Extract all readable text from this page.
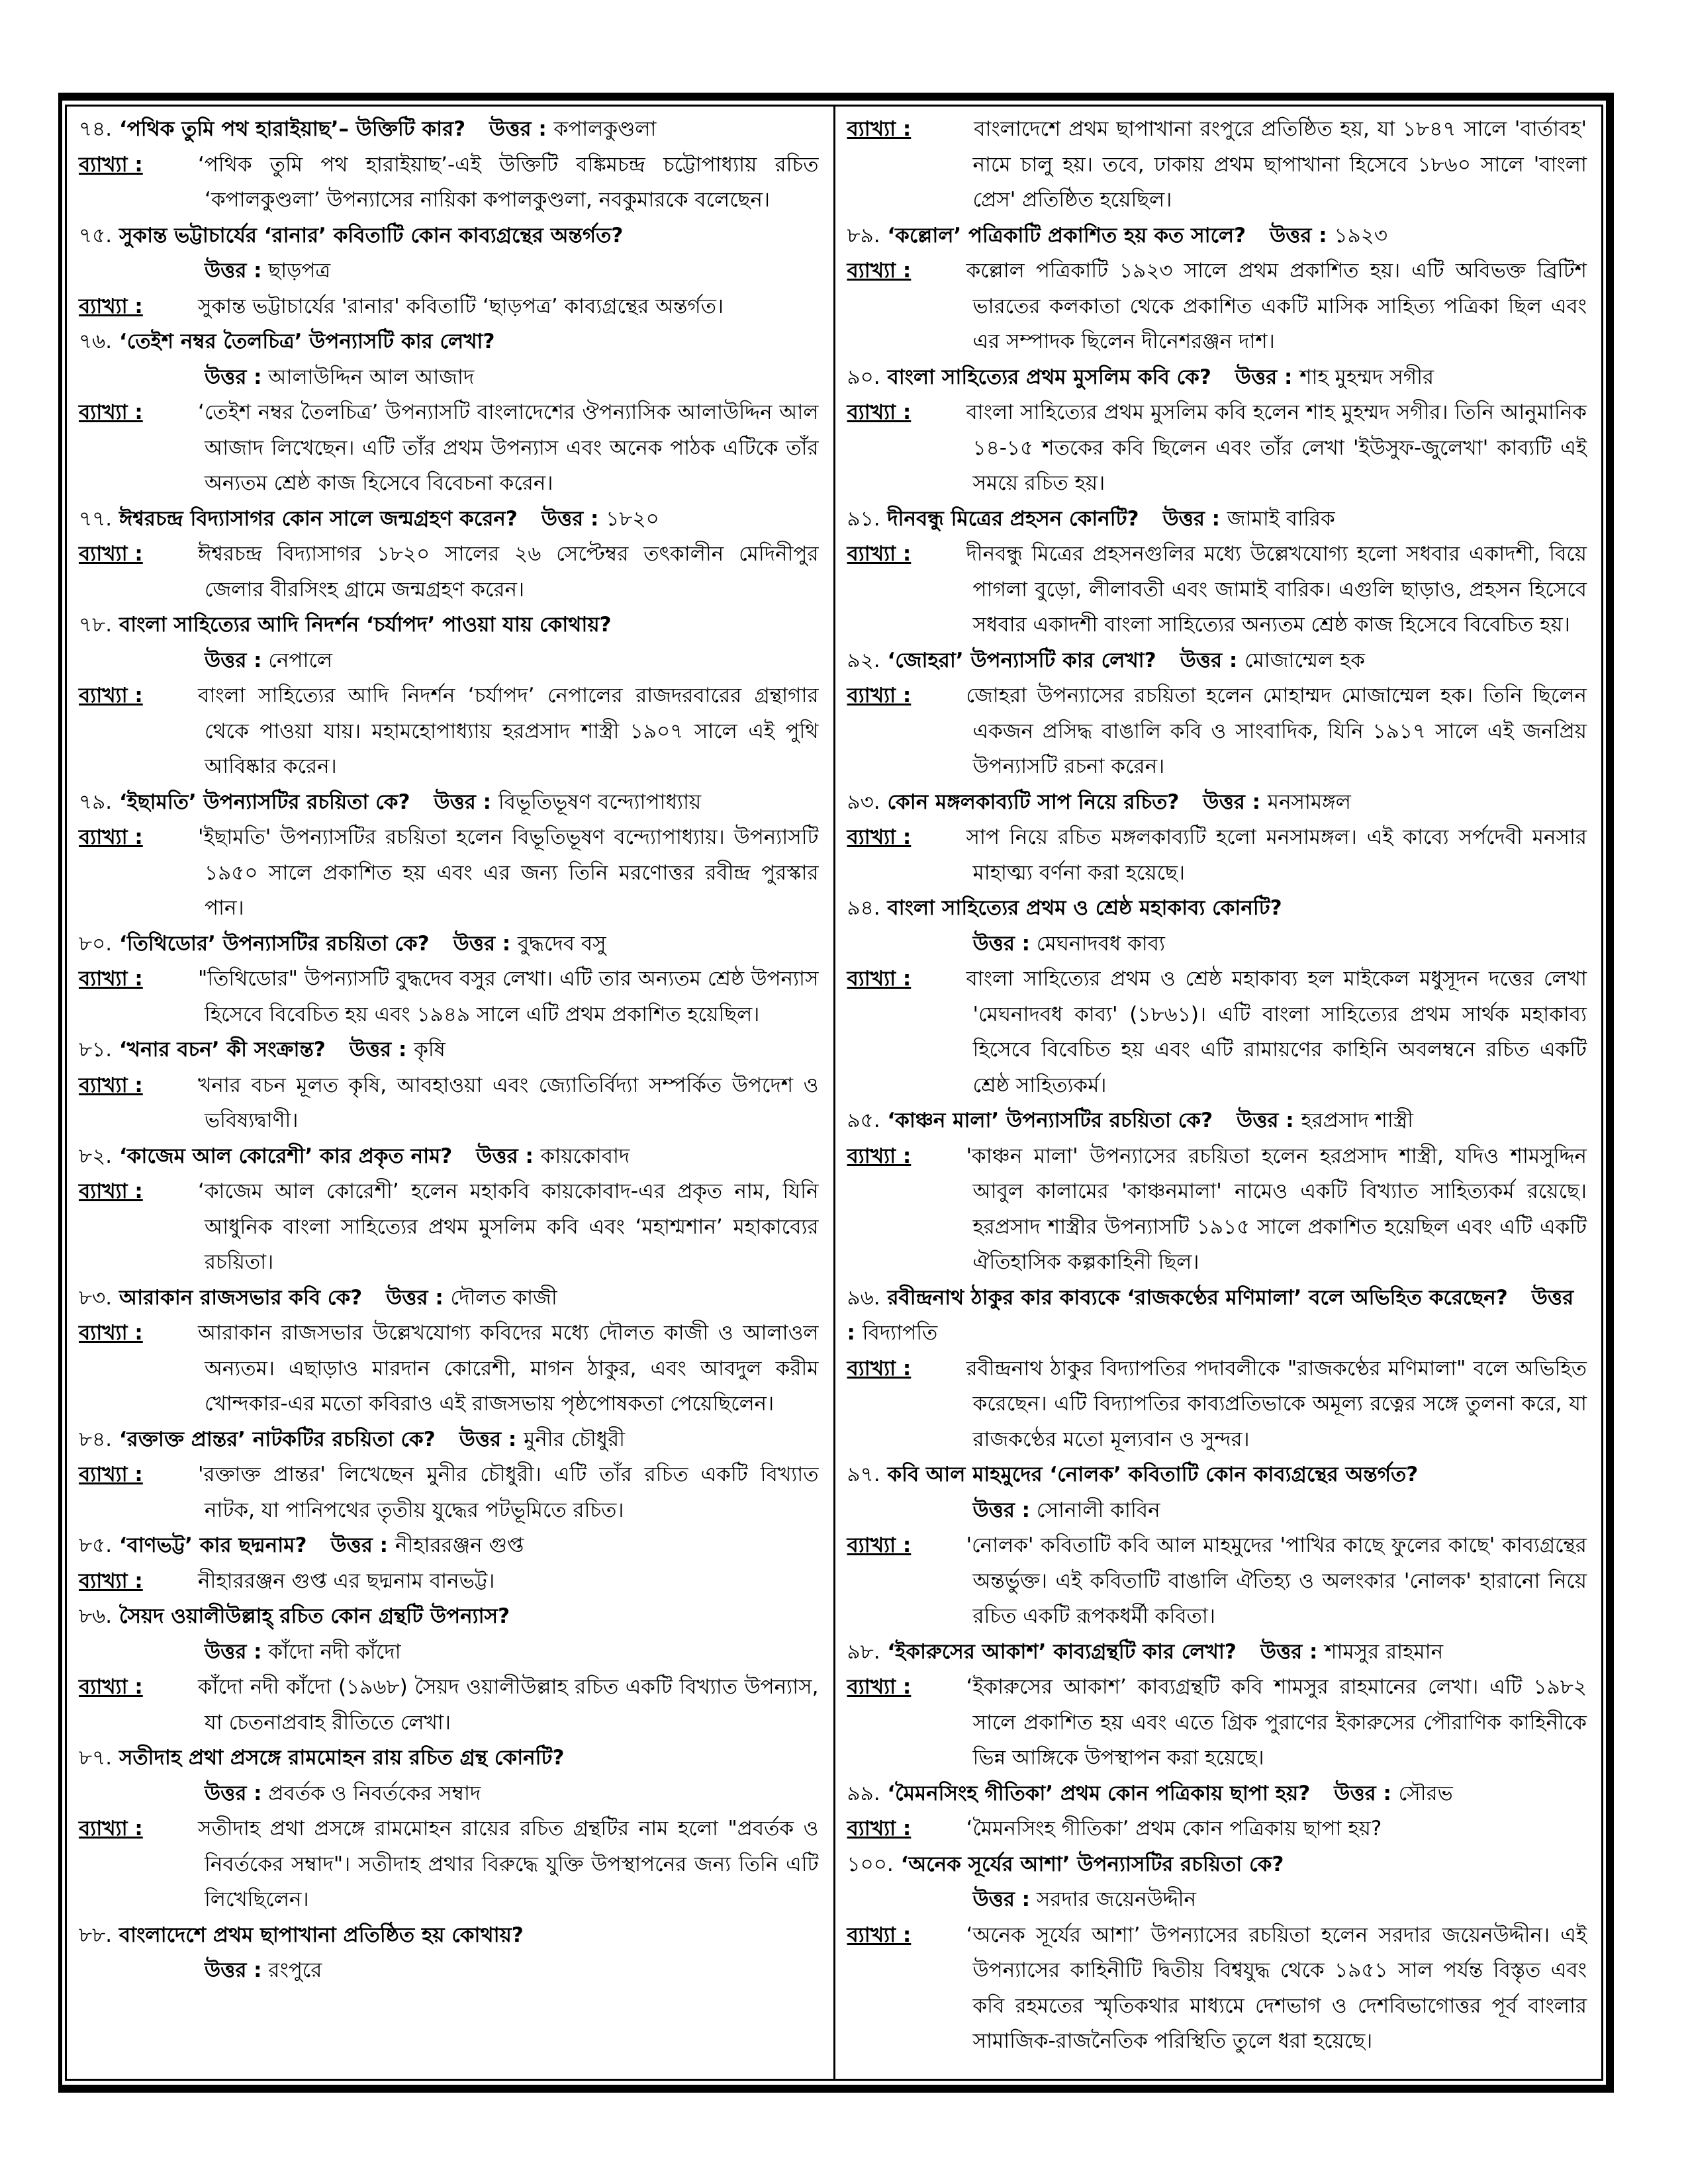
৭৪. ‘পথিক তুমি পথ হারাইয়াছ’– উক্তিটি কার? উত্তর : কপালকুণ্ডলা
ব্যাখ্যা :	‘পথিক তুমি পথ হারাইয়াছ’-এই উক্তিটি বঙ্কিমচন্দ্র চট্টোপাধ্যায় রচিত ‘কপালকুণ্ডলা’ উপন্যাসের নায়িকা কপালকুণ্ডলা, নবকুমারকে বলেছেন।
৭৫. সুকান্ত ভট্টাচার্যের ‘রানার’ কবিতাটি কোন কাব্যগ্রন্থের অন্তর্গত?
উত্তর : ছাড়পত্র
ব্যাখ্যা :	সুকান্ত ভট্টাচার্যের 'রানার' কবিতাটি ‘ছাড়পত্র’ কাব্যগ্রন্থের অন্তর্গত।
৭৬. ‘তেইশ নম্বর তৈলচিত্র’ উপন্যাসটি কার লেখা?
উত্তর : আলাউদ্দিন আল আজাদ
ব্যাখ্যা :	‘তেইশ নম্বর তৈলচিত্র’ উপন্যাসটি বাংলাদেশের ঔপন্যাসিক আলাউদ্দিন আল আজাদ লিখেছেন। এটি তাঁর প্রথম উপন্যাস এবং অনেক পাঠক এটিকে তাঁর অন্যতম শ্রেষ্ঠ কাজ হিসেবে বিবেচনা করেন।
৭৭. ঈশ্বরচন্দ্র বিদ্যাসাগর কোন সালে জন্মগ্রহণ করেন? উত্তর : ১৮২০
ব্যাখ্যা :	ঈশ্বরচন্দ্র বিদ্যাসাগর ১৮২০ সালের ২৬ সেপ্টেম্বর তৎকালীন মেদিনীপুর জেলার বীরসিংহ গ্রামে জন্মগ্রহণ করেন।
৭৮. বাংলা সাহিত্যের আদি নিদর্শন ‘চর্যাপদ’ পাওয়া যায় কোথায়?
উত্তর : নেপালে
ব্যাখ্যা :	বাংলা সাহিত্যের আদি নিদর্শন ‘চর্যাপদ’ নেপালের রাজদরবারের গ্রন্থাগার থেকে পাওয়া যায়। মহামহোপাধ্যায় হরপ্রসাদ শাস্ত্রী ১৯০৭ সালে এই পুথি আবিষ্কার করেন।
৭৯. ‘ইছামতি’ উপন্যাসটির রচয়িতা কে? উত্তর : বিভূতিভূষণ বন্দ্যোপাধ্যায়
ব্যাখ্যা :	'ইছামতি' উপন্যাসটির রচয়িতা হলেন বিভূতিভূষণ বন্দ্যোপাধ্যায়। উপন্যাসটি ১৯৫০ সালে প্রকাশিত হয় এবং এর জন্য তিনি মরণোত্তর রবীন্দ্র পুরস্কার পান।
৮০. ‘তিথিডোর’ উপন্যাসটির রচয়িতা কে? উত্তর : বুদ্ধদেব বসু
ব্যাখ্যা :	"তিথিডোর" উপন্যাসটি বুদ্ধদেব বসুর লেখা। এটি তার অন্যতম শ্রেষ্ঠ উপন্যাস হিসেবে বিবেচিত হয় এবং ১৯৪৯ সালে এটি প্রথম প্রকাশিত হয়েছিল।
৮১. ‘খনার বচন’ কী সংক্রান্ত? উত্তর : কৃষি
ব্যাখ্যা :	খনার বচন মূলত কৃষি, আবহাওয়া এবং জ্যোতির্বিদ্যা সম্পর্কিত উপদেশ ও ভবিষ্যদ্বাণী।
৮২. ‘কাজেম আল কোরেশী’ কার প্রকৃত নাম? উত্তর : কায়কোবাদ
ব্যাখ্যা :	‘কাজেম আল কোরেশী’ হলেন মহাকবি কায়কোবাদ-এর প্রকৃত নাম, যিনি আধুনিক বাংলা সাহিত্যের প্রথম মুসলিম কবি এবং ‘মহাশ্মশান’ মহাকাব্যের রচয়িতা।
৮৩. আরাকান রাজসভার কবি কে? উত্তর : দৌলত কাজী
ব্যাখ্যা :	আরাকান রাজসভার উল্লেখযোগ্য কবিদের মধ্যে দৌলত কাজী ও আলাওল অন্যতম। এছাড়াও মারদান কোরেশী, মাগন ঠাকুর, এবং আবদুল করীম খোন্দকার-এর মতো কবিরাও এই রাজসভায় পৃষ্ঠপোষকতা পেয়েছিলেন।
৮৪. ‘রক্তাক্ত প্রান্তর’ নাটকটির রচয়িতা কে? উত্তর : মুনীর চৌধুরী
ব্যাখ্যা :	'রক্তাক্ত প্রান্তর' লিখেছেন মুনীর চৌধুরী। এটি তাঁর রচিত একটি বিখ্যাত নাটক, যা পানিপথের তৃতীয় যুদ্ধের পটভূমিতে রচিত।
৮৫. ‘বাণভট্ট’ কার ছদ্মনাম? উত্তর : নীহাররঞ্জন গুপ্ত
ব্যাখ্যা :	নীহাররঞ্জন গুপ্ত এর ছদ্মনাম বানভট্ট।
৮৬. সৈয়দ ওয়ালীউল্লাহ্ রচিত কোন গ্রন্থটি উপন্যাস?
উত্তর : কাঁদো নদী কাঁদো
ব্যাখ্যা :	কাঁদো নদী কাঁদো (১৯৬৮) সৈয়দ ওয়ালীউল্লাহ রচিত একটি বিখ্যাত উপন্যাস, যা চেতনাপ্রবাহ রীতিতে লেখা।
৮৭. সতীদাহ প্রথা প্রসঙ্গে রামমোহন রায় রচিত গ্রন্থ কোনটি?
উত্তর : প্রবর্তক ও নিবর্তকের সম্বাদ
ব্যাখ্যা :	সতীদাহ প্রথা প্রসঙ্গে রামমোহন রায়ের রচিত গ্রন্থটির নাম হলো "প্রবর্তক ও নিবর্তকের সম্বাদ"। সতীদাহ প্রথার বিরুদ্ধে যুক্তি উপস্থাপনের জন্য তিনি এটি লিখেছিলেন।
৮৮. বাংলাদেশে প্রথম ছাপাখানা প্রতিষ্ঠিত হয় কোথায়?
উত্তর : রংপুরে
ব্যাখ্যা :	বাংলাদেশে প্রথম ছাপাখানা রংপুরে প্রতিষ্ঠিত হয়, যা ১৮৪৭ সালে 'বার্তাবহ' নামে চালু হয়। তবে, ঢাকায় প্রথম ছাপাখানা হিসেবে ১৮৬০ সালে 'বাংলা প্রেস' প্রতিষ্ঠিত হয়েছিল।
৮৯. ‘কল্লোল’ পত্রিকাটি প্রকাশিত হয় কত সালে? উত্তর : ১৯২৩
ব্যাখ্যা :	কল্লোল পত্রিকাটি ১৯২৩ সালে প্রথম প্রকাশিত হয়। এটি অবিভক্ত ব্রিটিশ ভারতের কলকাতা থেকে প্রকাশিত একটি মাসিক সাহিত্য পত্রিকা ছিল এবং এর সম্পাদক ছিলেন দীনেশরঞ্জন দাশ।
৯০. বাংলা সাহিত্যের প্রথম মুসলিম কবি কে? উত্তর : শাহ মুহম্মদ সগীর
ব্যাখ্যা :	বাংলা সাহিত্যের প্রথম মুসলিম কবি হলেন শাহ মুহম্মদ সগীর। তিনি আনুমানিক ১৪-১৫ শতকের কবি ছিলেন এবং তাঁর লেখা 'ইউসুফ-জুলেখা' কাব্যটি এই সময়ে রচিত হয়।
৯১. দীনবন্ধু মিত্রের প্রহসন কোনটি? উত্তর : জামাই বারিক
ব্যাখ্যা :	দীনবন্ধু মিত্রের প্রহসনগুলির মধ্যে উল্লেখযোগ্য হলো সধবার একাদশী, বিয়ে পাগলা বুড়ো, লীলাবতী এবং জামাই বারিক। এগুলি ছাড়াও, প্রহসন হিসেবে সধবার একাদশী বাংলা সাহিত্যের অন্যতম শ্রেষ্ঠ কাজ হিসেবে বিবেচিত হয়।
৯২. ‘জোহরা’ উপন্যাসটি কার লেখা? উত্তর : মোজাম্মেল হক
ব্যাখ্যা :	জোহরা উপন্যাসের রচয়িতা হলেন মোহাম্মদ মোজাম্মেল হক। তিনি ছিলেন একজন প্রসিদ্ধ বাঙালি কবি ও সাংবাদিক, যিনি ১৯১৭ সালে এই জনপ্রিয় উপন্যাসটি রচনা করেন।
৯৩. কোন মঙ্গলকাব্যটি সাপ নিয়ে রচিত? উত্তর : মনসামঙ্গল
ব্যাখ্যা :	সাপ নিয়ে রচিত মঙ্গলকাব্যটি হলো মনসামঙ্গল। এই কাব্যে সর্পদেবী মনসার মাহাত্ম্য বর্ণনা করা হয়েছে।
৯৪. বাংলা সাহিত্যের প্রথম ও শ্রেষ্ঠ মহাকাব্য কোনটি?
উত্তর : মেঘনাদবধ কাব্য
ব্যাখ্যা :	বাংলা সাহিত্যের প্রথম ও শ্রেষ্ঠ মহাকাব্য হল মাইকেল মধুসূদন দত্তের লেখা 'মেঘনাদবধ কাব্য' (১৮৬১)। এটি বাংলা সাহিত্যের প্রথম সার্থক মহাকাব্য হিসেবে বিবেচিত হয় এবং এটি রামায়ণের কাহিনি অবলম্বনে রচিত একটি শ্রেষ্ঠ সাহিত্যকর্ম।
৯৫. ‘কাঞ্চন মালা’ উপন্যাসটির রচয়িতা কে? উত্তর : হরপ্রসাদ শাস্ত্রী
ব্যাখ্যা :	'কাঞ্চন মালা' উপন্যাসের রচয়িতা হলেন হরপ্রসাদ শাস্ত্রী, যদিও শামসুদ্দিন আবুল কালামের 'কাঞ্চনমালা' নামেও একটি বিখ্যাত সাহিত্যকর্ম রয়েছে। হরপ্রসাদ শাস্ত্রীর উপন্যাসটি ১৯১৫ সালে প্রকাশিত হয়েছিল এবং এটি একটি ঐতিহাসিক কল্পকাহিনী ছিল।
৯৬. রবীন্দ্রনাথ ঠাকুর কার কাব্যকে ‘রাজকণ্ঠের মণিমালা’ বলে অভিহিত করেছেন? উত্তর : বিদ্যাপতি
ব্যাখ্যা :	রবীন্দ্রনাথ ঠাকুর বিদ্যাপতির পদাবলীকে "রাজকণ্ঠের মণিমালা" বলে অভিহিত করেছেন। এটি বিদ্যাপতির কাব্যপ্রতিভাকে অমূল্য রত্নের সঙ্গে তুলনা করে, যা রাজকণ্ঠের মতো মূল্যবান ও সুন্দর।
৯৭. কবি আল মাহমুদের ‘নোলক’ কবিতাটি কোন কাব্যগ্রন্থের অন্তর্গত?
উত্তর : সোনালী কাবিন
ব্যাখ্যা :	'নোলক' কবিতাটি কবি আল মাহমুদের 'পাখির কাছে ফুলের কাছে' কাব্যগ্রন্থের অন্তর্ভুক্ত। এই কবিতাটি বাঙালি ঐতিহ্য ও অলংকার 'নোলক' হারানো নিয়ে রচিত একটি রূপকধর্মী কবিতা।
৯৮. ‘ইকারুসের আকাশ’ কাব্যগ্রন্থটি কার লেখা? উত্তর : শামসুর রাহমান
ব্যাখ্যা :	‘ইকারুসের আকাশ’ কাব্যগ্রন্থটি কবি শামসুর রাহমানের লেখা। এটি ১৯৮২ সালে প্রকাশিত হয় এবং এতে গ্রিক পুরাণের ইকারুসের পৌরাণিক কাহিনীকে ভিন্ন আঙ্গিকে উপস্থাপন করা হয়েছে।
৯৯. ‘মৈমনসিংহ গীতিকা’ প্রথম কোন পত্রিকায় ছাপা হয়? উত্তর : সৌরভ
ব্যাখ্যা :	‘মৈমনসিংহ গীতিকা’ প্রথম কোন পত্রিকায় ছাপা হয়?
১০০. ‘অনেক সূর্যের আশা’ উপন্যাসটির রচয়িতা কে?
উত্তর : সরদার জয়েনউদ্দীন
ব্যাখ্যা :	‘অনেক সূর্যের আশা’ উপন্যাসের রচয়িতা হলেন সরদার জয়েনউদ্দীন। এই উপন্যাসের কাহিনীটি দ্বিতীয় বিশ্বযুদ্ধ থেকে ১৯৫১ সাল পর্যন্ত বিস্তৃত এবং কবি রহমতের স্মৃতিকথার মাধ্যমে দেশভাগ ও দেশবিভাগোত্তর পূর্ব বাংলার সামাজিক-রাজনৈতিক পরিস্থিতি তুলে ধরা হয়েছে।
